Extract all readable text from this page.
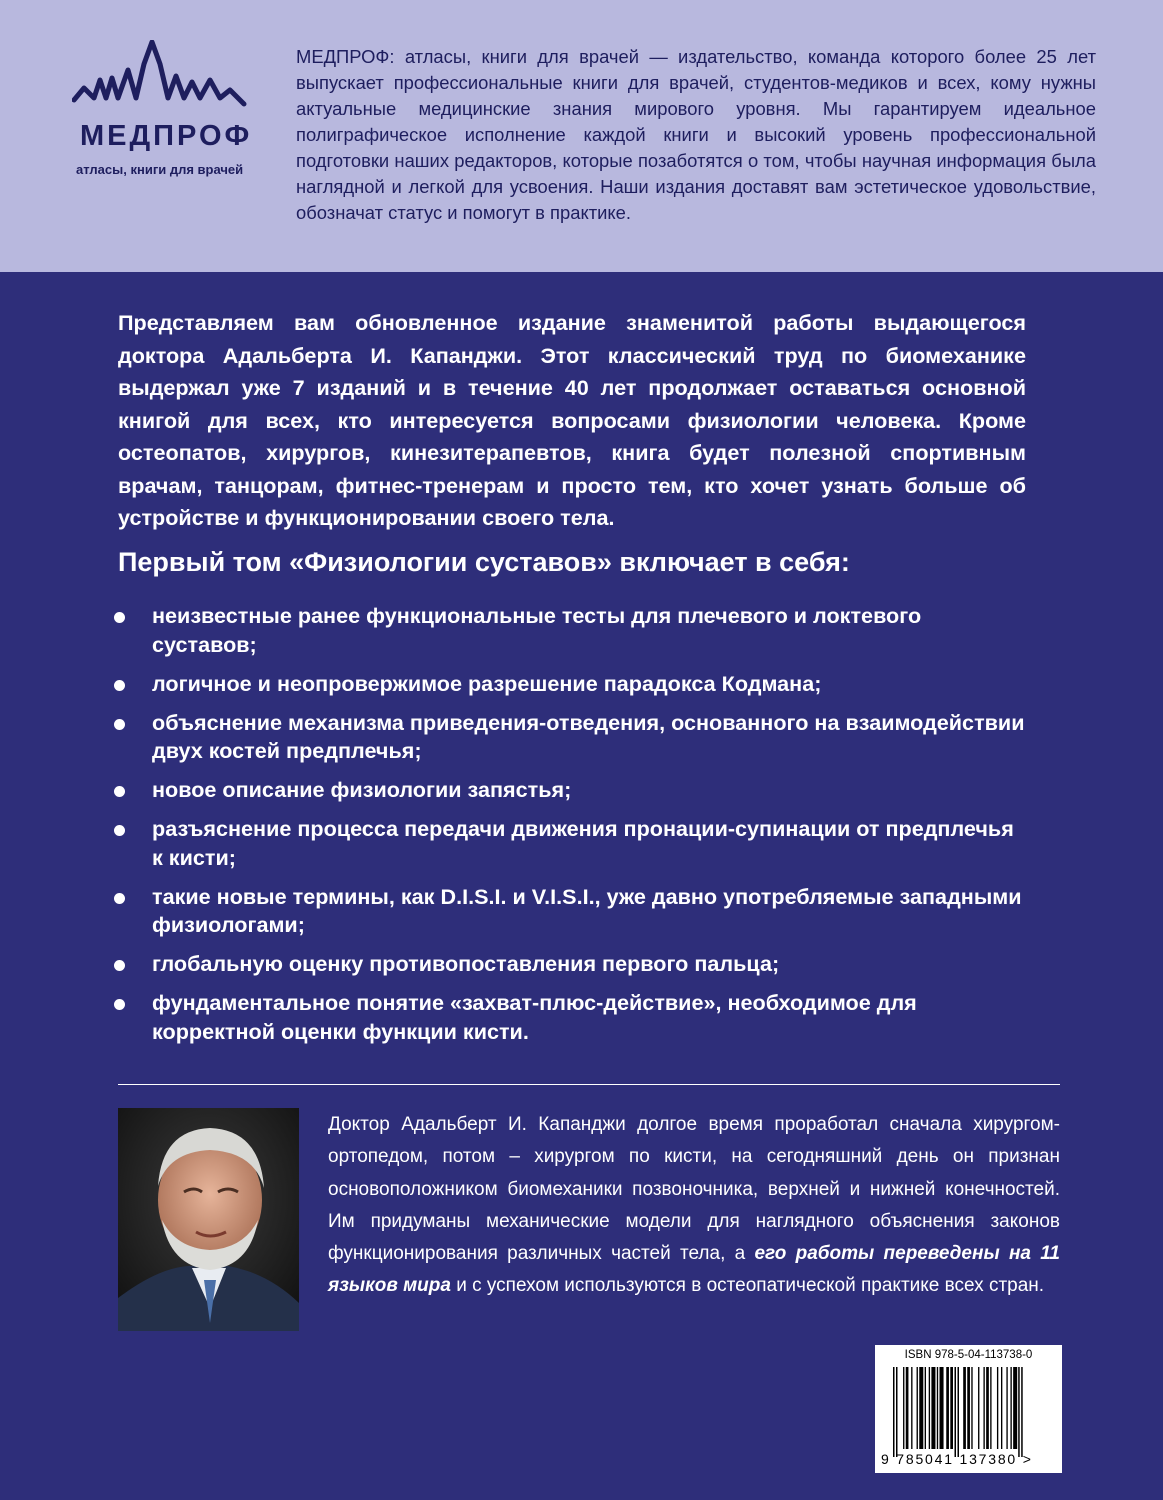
МЕДПРОФ
атласы, книги для врачей
МЕДПРОФ: атласы, книги для врачей — издательство, команда которого более 25 лет выпускает профессиональные книги для врачей, студентов-медиков и всех, кому нужны актуальные медицинские знания мирового уровня. Мы гарантируем идеальное полиграфическое исполнение каждой книги и высокий уровень профессиональной подготовки наших редакторов, которые позаботятся о том, чтобы научная информация была наглядной и легкой для усвоения. Наши издания доставят вам эстетическое удовольствие, обозначат статус и помогут в практике.

Представляем вам обновленное издание знаменитой работы выдающегося доктора Адальберта И. Капанджи. Этот классический труд по биомеханике выдержал уже 7 изданий и в течение 40 лет продолжает оставаться основной книгой для всех, кто интересуется вопросами физиологии человека. Кроме остеопатов, хирургов, кинезитерапевтов, книга будет полезной спортивным врачам, танцорам, фитнес-тренерам и просто тем, кто хочет узнать больше об устройстве и функционировании своего тела.

Первый том «Физиологии суставов» включает в себя:
неизвестные ранее функциональные тесты для плечевого и локтевого суставов;
логичное и неопровержимое разрешение парадокса Кодмана;
объяснение механизма приведения-отведения, основанного на взаимодействии двух костей предплечья;
новое описание физиологии запястья;
разъяснение процесса передачи движения пронации-супинации от предплечья к кисти;
такие новые термины, как D.I.S.I. и V.I.S.I., уже давно употребляемые западными физиологами;
глобальную оценку противопоставления первого пальца;
фундаментальное понятие «захват-плюс-действие», необходимое для корректной оценки функции кисти.
Доктор Адальберт И. Капанджи долгое время проработал сначала хирургом-ортопедом, потом – хирургом по кисти, на сегодняшний день он признан основоположником биомеханики позвоночника, верхней и нижней конечностей. Им придуманы механические модели для наглядного объяснения законов функционирования различных частей тела, а его работы переведены на 11 языков мира и с успехом используются в остеопатической практике всех стран.
ISBN 978-5-04-113738-0
9 785041 137380 >
